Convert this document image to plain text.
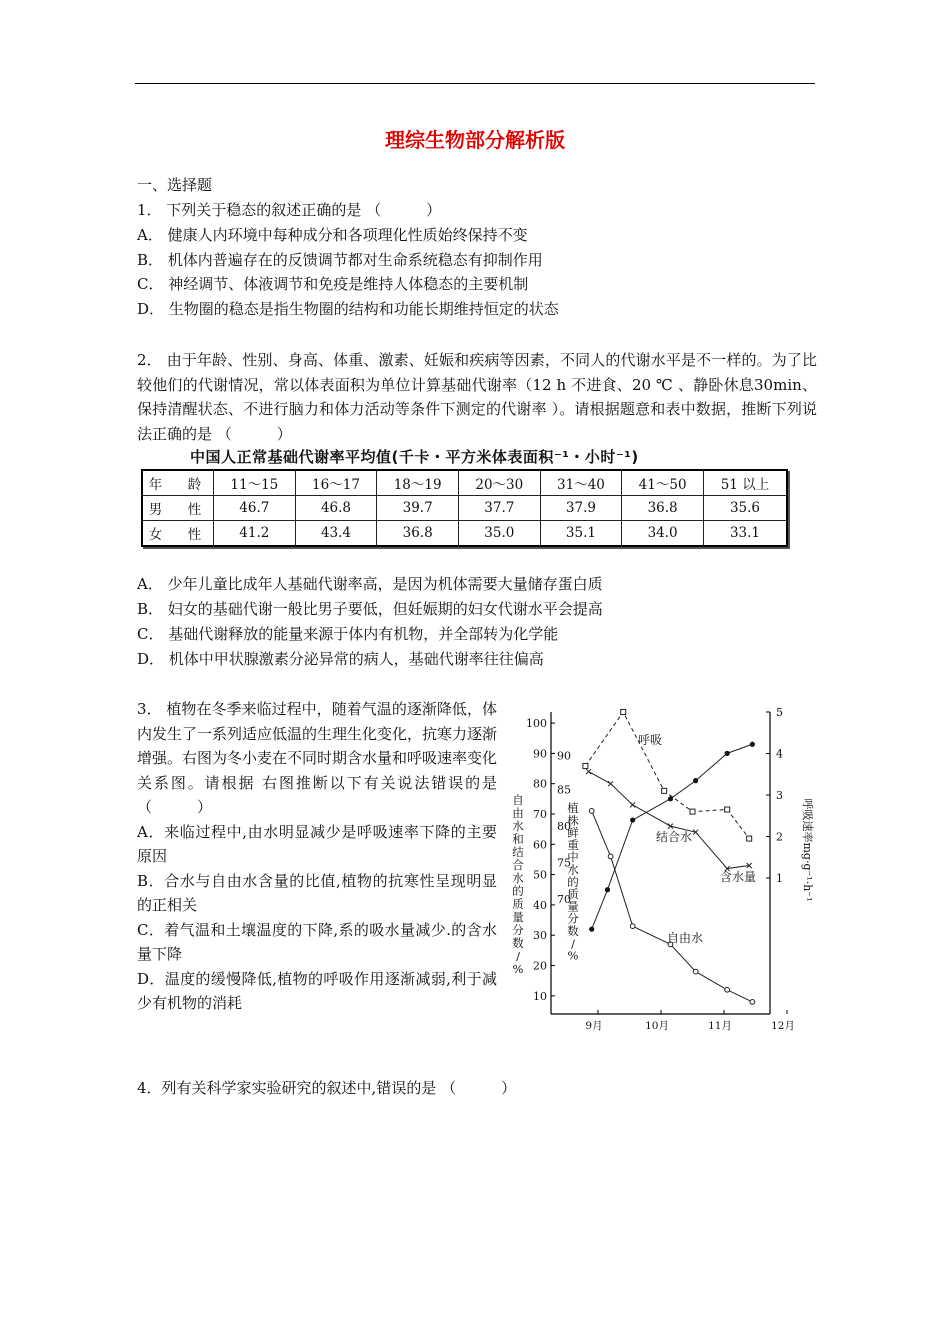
理综生物部分解析版
一、选择题
1． 下列关于稳态的叙述正确的是 （　　　）
A． 健康人内环境中每种成分和各项理化性质始终保持不变
B． 机体内普遍存在的反馈调节都对生命系统稳态有抑制作用
C． 神经调节、体液调节和免疫是维持人体稳态的主要机制
D． 生物圈的稳态是指生物圈的结构和功能长期维持恒定的状态
2． 由于年龄、性别、身高、体重、激素、妊娠和疾病等因素，不同人的代谢水平是不一样的。为了比较他们的代谢情况，常以体表面积为单位计算基础代谢率（12 h 不进食、20 ℃ 、静卧休息30min、保持清醒状态、不进行脑力和体力活动等条件下测定的代谢率 ）。请根据题意和表中数据，推断下列说法正确的是 （　　　）
中国人正常基础代谢率平均值(千卡・平方米体表面积⁻¹・小时⁻¹)
年　龄	11～15	16～17	18～19	20～30	31～40	41～50	51 以上
男　性	46.7	46.8	39.7	37.7	37.9	36.8	35.6
女　性	41.2	43.4	36.8	35.0	35.1	34.0	33.1
A． 少年儿童比成年人基础代谢率高，是因为机体需要大量储存蛋白质
B． 妇女的基础代谢一般比男子要低，但妊娠期的妇女代谢水平会提高
C． 基础代谢释放的能量来源于体内有机物，并全部转为化学能
D． 机体中甲状腺激素分泌异常的病人，基础代谢率往往偏高
3． 植物在冬季来临过程中，随着气温的逐渐降低，体内发生了一系列适应低温的生理生化变化，抗寒力逐渐增强。右图为冬小麦在不同时期含水量和呼吸速率变化关系图。请根据 右图推断以下有关说法错误的是 （　　　）
A．来临过程中,由水明显减少是呼吸速率下降的主要原因
B．合水与自由水含量的比值,植物的抗寒性呈现明显的正相关
C．着气温和土壤温度的下降,系的吸水量减少.的含水量下降
D．温度的缓慢降低,植物的呼吸作用逐渐减弱,利于减少有机物的消耗	10
20
30
40
50
60
70
80
90
100
70
75
80
85
90
1
2
3
4
5
9月	10月	11月	12月
自
由
水
和
结
合
水
的
质
量
分
数
/
%
植
株
鲜
重
中
水
的
质
量
分
数
/
%
呼吸速率mg·g⁻¹·h⁻¹
呼吸
结合水
含水量
自由水
4．列有关科学家实验研究的叙述中,错误的是 （　　　）
